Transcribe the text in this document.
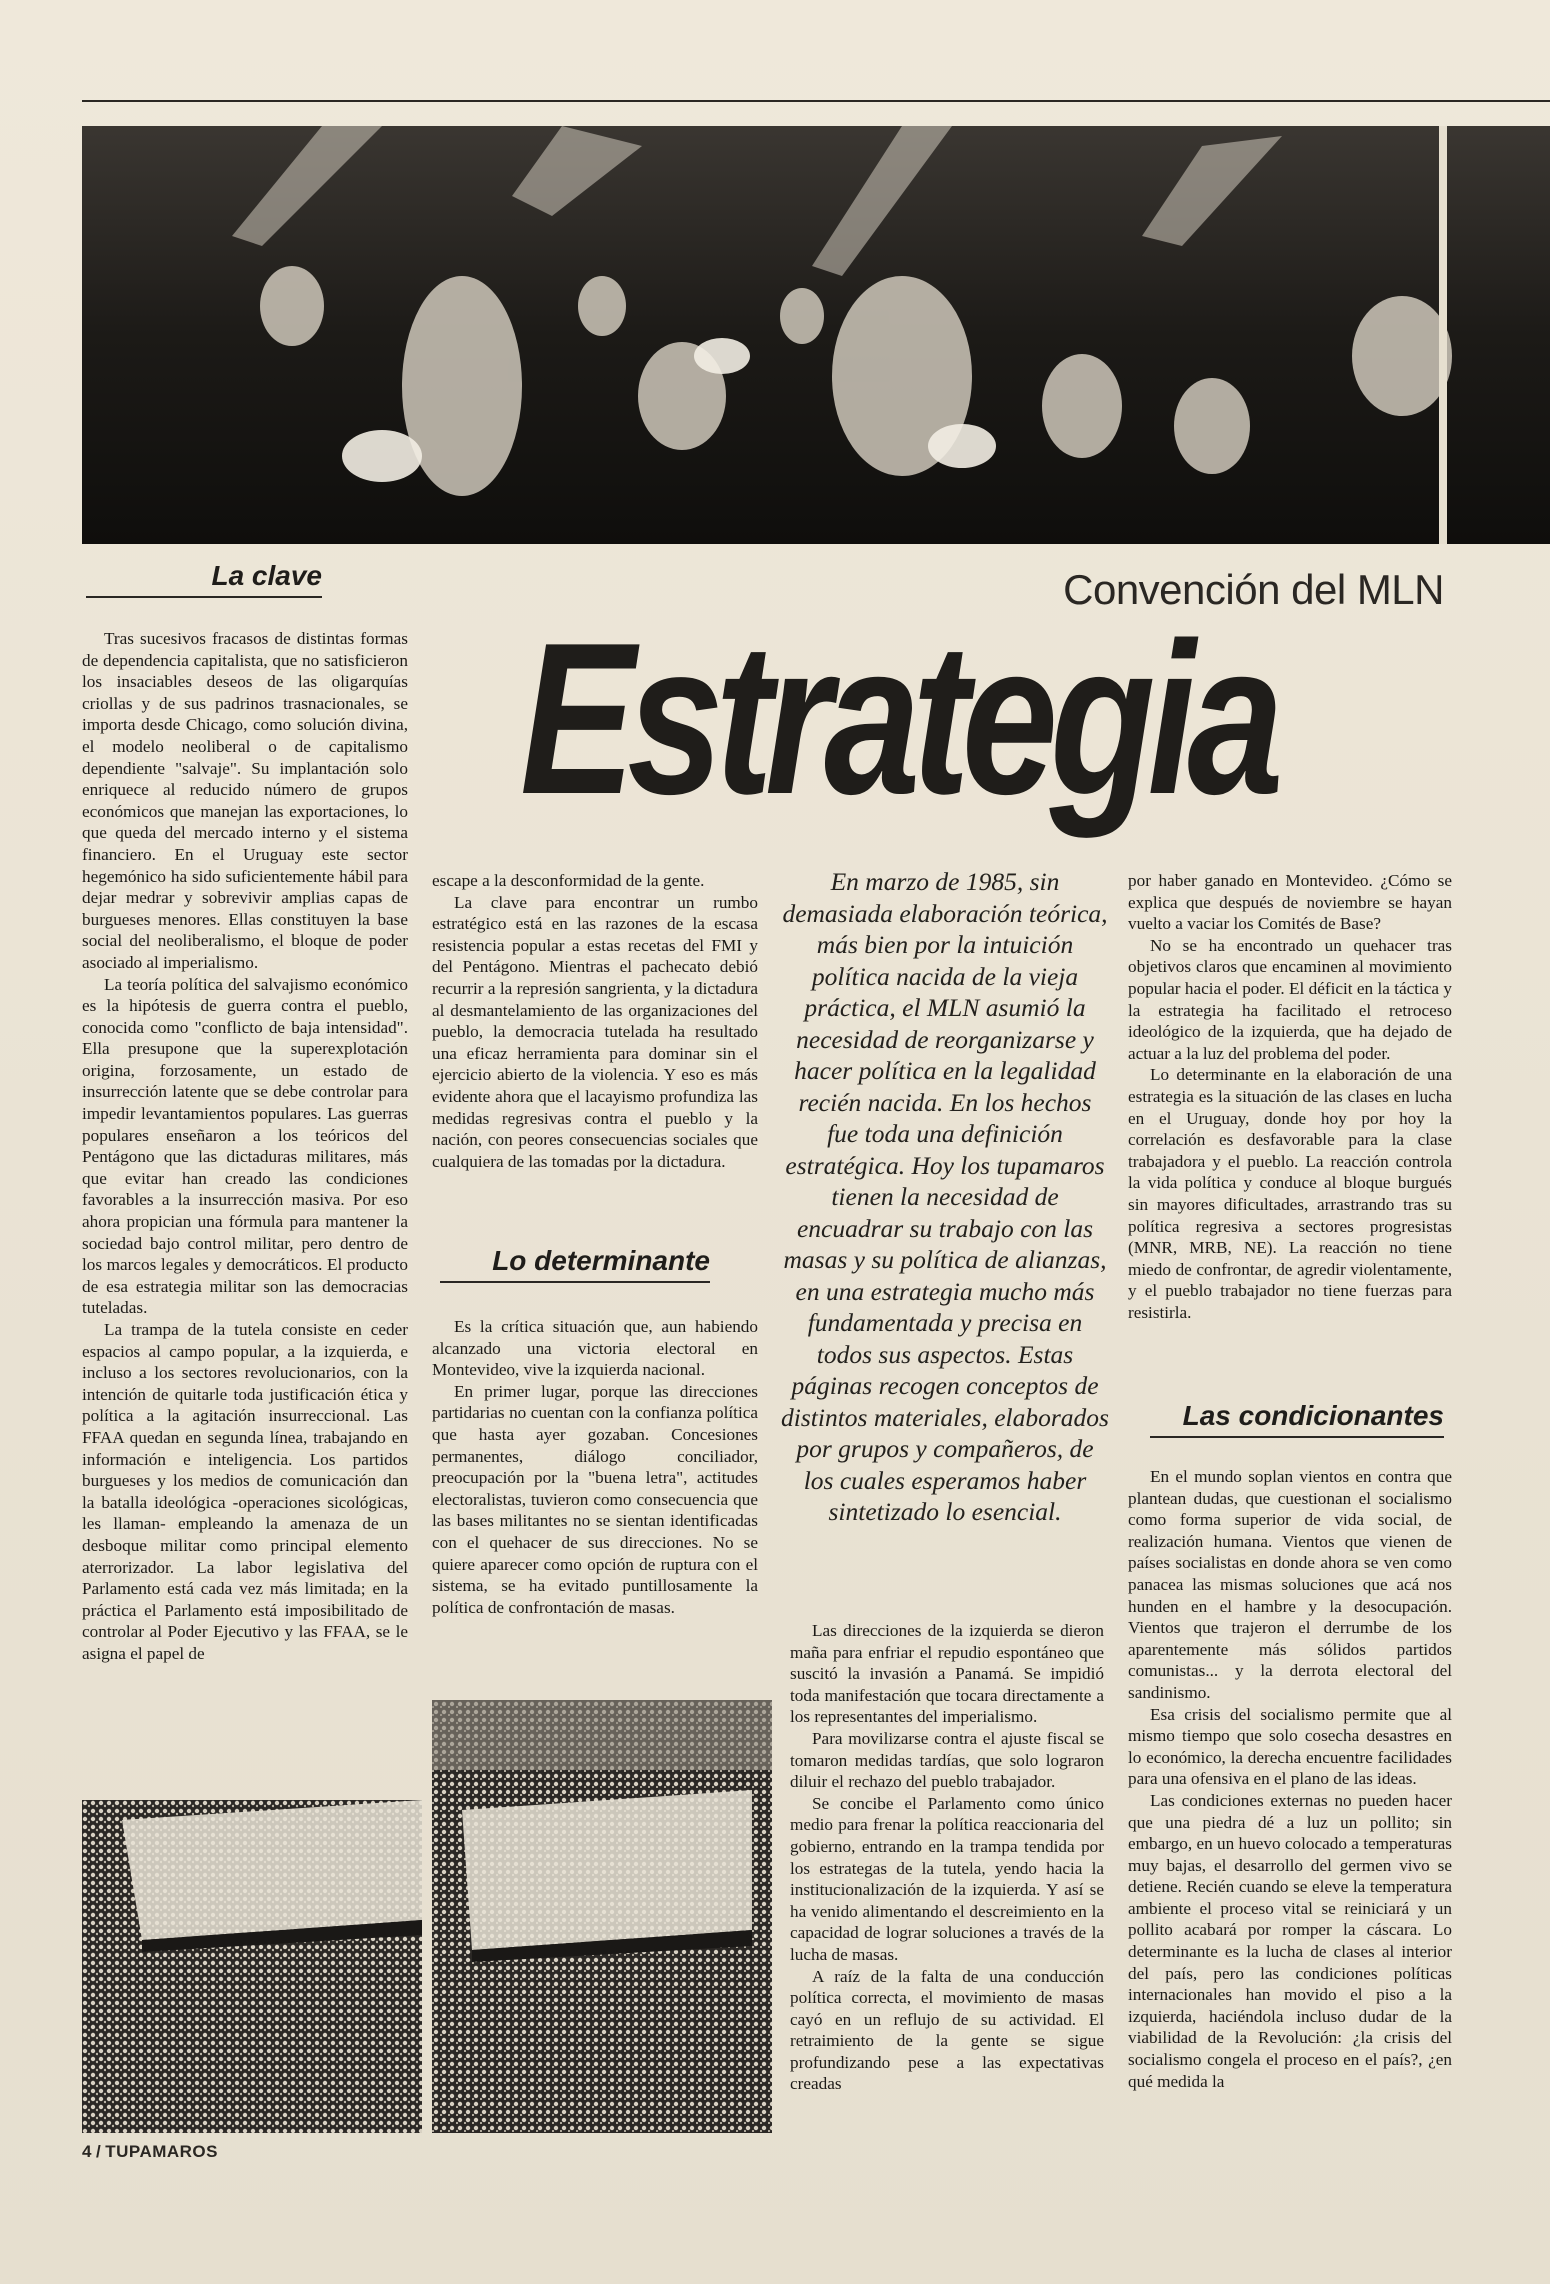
Convención del MLN
Estrategia
La clave
Lo determinante
Las condicionantes

Tras sucesivos fracasos de distintas formas de dependencia capitalista, que no satisficieron los insaciables deseos de las oligarquías criollas y de sus padrinos trasnacionales, se importa desde Chicago, como solución divina, el modelo neoliberal o de capitalismo dependiente "salvaje". Su implantación solo enriquece al reducido número de grupos económicos que manejan las exportaciones, lo que queda del mercado interno y el sistema financiero. En el Uruguay este sector hegemónico ha sido suficientemente hábil para dejar medrar y sobrevivir amplias capas de burgueses menores. Ellas constituyen la base social del neoliberalismo, el bloque de poder asociado al imperialismo.

La teoría política del salvajismo económico es la hipótesis de guerra contra el pueblo, conocida como "conflicto de baja intensidad". Ella presupone que la superexplotación origina, forzosamente, un estado de insurrección latente que se debe controlar para impedir levantamientos populares. Las guerras populares enseñaron a los teóricos del Pentágono que las dictaduras militares, más que evitar han creado las condiciones favorables a la insurrección masiva. Por eso ahora propician una fórmula para mantener la sociedad bajo control militar, pero dentro de los marcos legales y democráticos. El producto de esa estrategia militar son las democracias tuteladas.

La trampa de la tutela consiste en ceder espacios al campo popular, a la izquierda, e incluso a los sectores revolucionarios, con la intención de quitarle toda justificación ética y política a la agitación insurreccional. Las FFAA quedan en segunda línea, trabajando en información e inteligencia. Los partidos burgueses y los medios de comunicación dan la batalla ideológica -operaciones sicológicas, les llaman- empleando la amenaza de un desboque militar como principal elemento aterrorizador. La labor legislativa del Parlamento está cada vez más limitada; en la práctica el Parlamento está imposibilitado de controlar al Poder Ejecutivo y las FFAA, se le asigna el papel de

escape a la desconformidad de la gente.

La clave para encontrar un rumbo estratégico está en las razones de la escasa resistencia popular a estas recetas del FMI y del Pentágono. Mientras el pachecato debió recurrir a la represión sangrienta, y la dictadura al desmantelamiento de las organizaciones del pueblo, la democracia tutelada ha resultado una eficaz herramienta para dominar sin el ejercicio abierto de la violencia. Y eso es más evidente ahora que el lacayismo profundiza las medidas regresivas contra el pueblo y la nación, con peores consecuencias sociales que cualquiera de las tomadas por la dictadura.

Es la crítica situación que, aun habiendo alcanzado una victoria electoral en Montevideo, vive la izquierda nacional.

En primer lugar, porque las direcciones partidarias no cuentan con la confianza política que hasta ayer gozaban. Concesiones permanentes, diálogo conciliador, preocupación por la "buena letra", actitudes electoralistas, tuvieron como consecuencia que las bases militantes no se sientan identificadas con el quehacer de sus direcciones. No se quiere aparecer como opción de ruptura con el sistema, se ha evitado puntillosamente la política de confrontación de masas.

En marzo de 1985, sin demasiada elaboración teórica, más bien por la intuición política nacida de la vieja práctica, el MLN asumió la necesidad de reorganizarse y hacer política en la legalidad recién nacida. En los hechos fue toda una definición estratégica. Hoy los tupamaros tienen la necesidad de encuadrar su trabajo con las masas y su política de alianzas, en una estrategia mucho más fundamentada y precisa en todos sus aspectos. Estas páginas recogen conceptos de distintos materiales, elaborados por grupos y compañeros, de los cuales esperamos haber sintetizado lo esencial.

Las direcciones de la izquierda se dieron maña para enfriar el repudio espontáneo que suscitó la invasión a Panamá. Se impidió toda manifestación que tocara directamente a los representantes del imperialismo.

Para movilizarse contra el ajuste fiscal se tomaron medidas tardías, que solo lograron diluir el rechazo del pueblo trabajador.

Se concibe el Parlamento como único medio para frenar la política reaccionaria del gobierno, entrando en la trampa tendida por los estrategas de la tutela, yendo hacia la institucionalización de la izquierda. Y así se ha venido alimentando el descreimiento en la capacidad de lograr soluciones a través de la lucha de masas.

A raíz de la falta de una conducción política correcta, el movimiento de masas cayó en un reflujo de su actividad. El retraimiento de la gente se sigue profundizando pese a las expectativas creadas

por haber ganado en Montevideo. ¿Cómo se explica que después de noviembre se hayan vuelto a vaciar los Comités de Base?

No se ha encontrado un quehacer tras objetivos claros que encaminen al movimiento popular hacia el poder. El déficit en la táctica y la estrategia ha facilitado el retroceso ideológico de la izquierda, que ha dejado de actuar a la luz del problema del poder.

Lo determinante en la elaboración de una estrategia es la situación de las clases en lucha en el Uruguay, donde hoy por hoy la correlación es desfavorable para la clase trabajadora y el pueblo. La reacción controla la vida política y conduce al bloque burgués sin mayores dificultades, arrastrando tras su política regresiva a sectores progresistas (MNR, MRB, NE). La reacción no tiene miedo de confrontar, de agredir violentamente, y el pueblo trabajador no tiene fuerzas para resistirla.

En el mundo soplan vientos en contra que plantean dudas, que cuestionan el socialismo como forma superior de vida social, de realización humana. Vientos que vienen de países socialistas en donde ahora se ven como panacea las mismas soluciones que acá nos hunden en el hambre y la desocupación. Vientos que trajeron el derrumbe de los aparentemente más sólidos partidos comunistas... y la derrota electoral del sandinismo.

Esa crisis del socialismo permite que al mismo tiempo que solo cosecha desastres en lo económico, la derecha encuentre facilidades para una ofensiva en el plano de las ideas.

Las condiciones externas no pueden hacer que una piedra dé a luz un pollito; sin embargo, en un huevo colocado a temperaturas muy bajas, el desarrollo del germen vivo se detiene. Recién cuando se eleve la temperatura ambiente el proceso vital se reiniciará y un pollito acabará por romper la cáscara. Lo determinante es la lucha de clases al interior del país, pero las condiciones políticas internacionales han movido el piso a la izquierda, haciéndola incluso dudar de la viabilidad de la Revolución: ¿la crisis del socialismo congela el proceso en el país?, ¿en qué medida la

4 / TUPAMAROS
